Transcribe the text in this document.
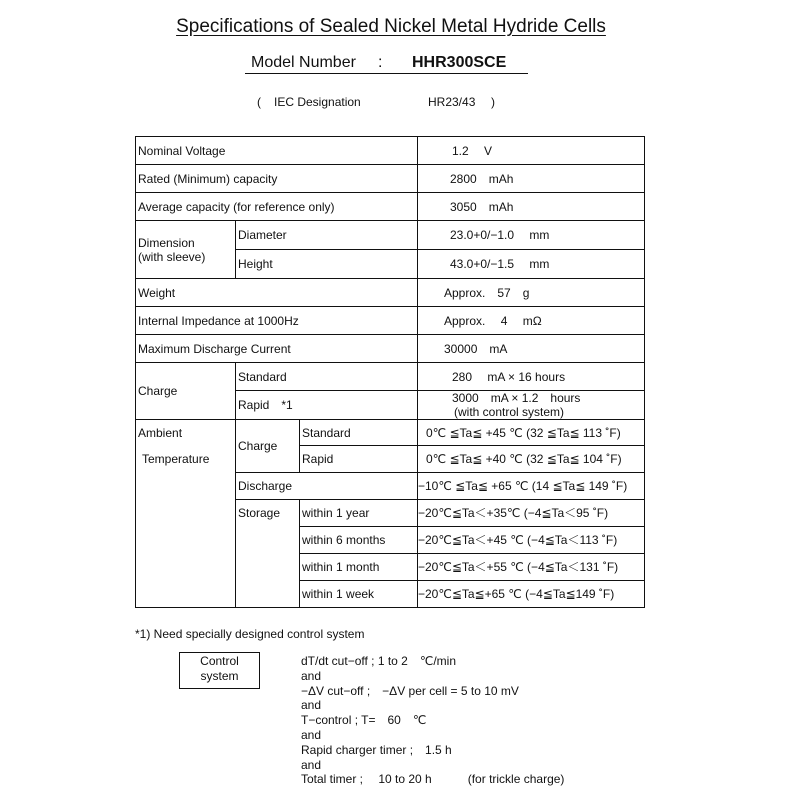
Specifications of Sealed Nickel Metal Hydride Cells
Model Number : HHR300SCE
( IEC Designation	HR23/43 )
Nominal Voltage			1.2　 V
Rated (Minimum) capacity			2800　mAh
Average capacity (for reference only)			3050　mAh

Dimension
(with sleeve)	Diameter		23.0+0/−1.0　 mm
	Height		43.0+0/−1.5　 mm
Weight			Approx.　57　g
Internal Impedance at 1000Hz			Approx.　 4　 mΩ
Maximum Discharge Current			30000　mA
Charge	Standard		280　 mA × 16 hours
	Rapid　*1		3000　mA × 1.2　hours
(with control system)

Ambient
Temperature	Charge	Standard	0℃ ≦Ta≦ +45 ℃ (32 ≦Ta≦ 113 ˚F)
		Rapid	0℃ ≦Ta≦ +40 ℃ (32 ≦Ta≦ 104 ˚F)
	Discharge		−10℃ ≦Ta≦ +65 ℃ (14 ≦Ta≦ 149 ˚F)
	Storage	within 1 year	−20℃≦Ta＜+35℃ (−4≦Ta＜95 ˚F)
		within 6 months	−20℃≦Ta＜+45 ℃ (−4≦Ta＜113 ˚F)
		within 1 month	−20℃≦Ta＜+55 ℃ (−4≦Ta＜131 ˚F)
		within 1 week	−20℃≦Ta≦+65 ℃ (−4≦Ta≦149 ˚F)
*1) Need specially designed control system
Control
system
dT/dt cut−off ; 1 to 2　℃/min
and
−ΔV cut−off ;　−ΔV per cell = 5 to 10 mV
and
T−control ; T=　60　℃
and
Rapid charger timer ;　1.5 h
and
Total timer ;　 10 to 20 h　　　(for trickle charge)
